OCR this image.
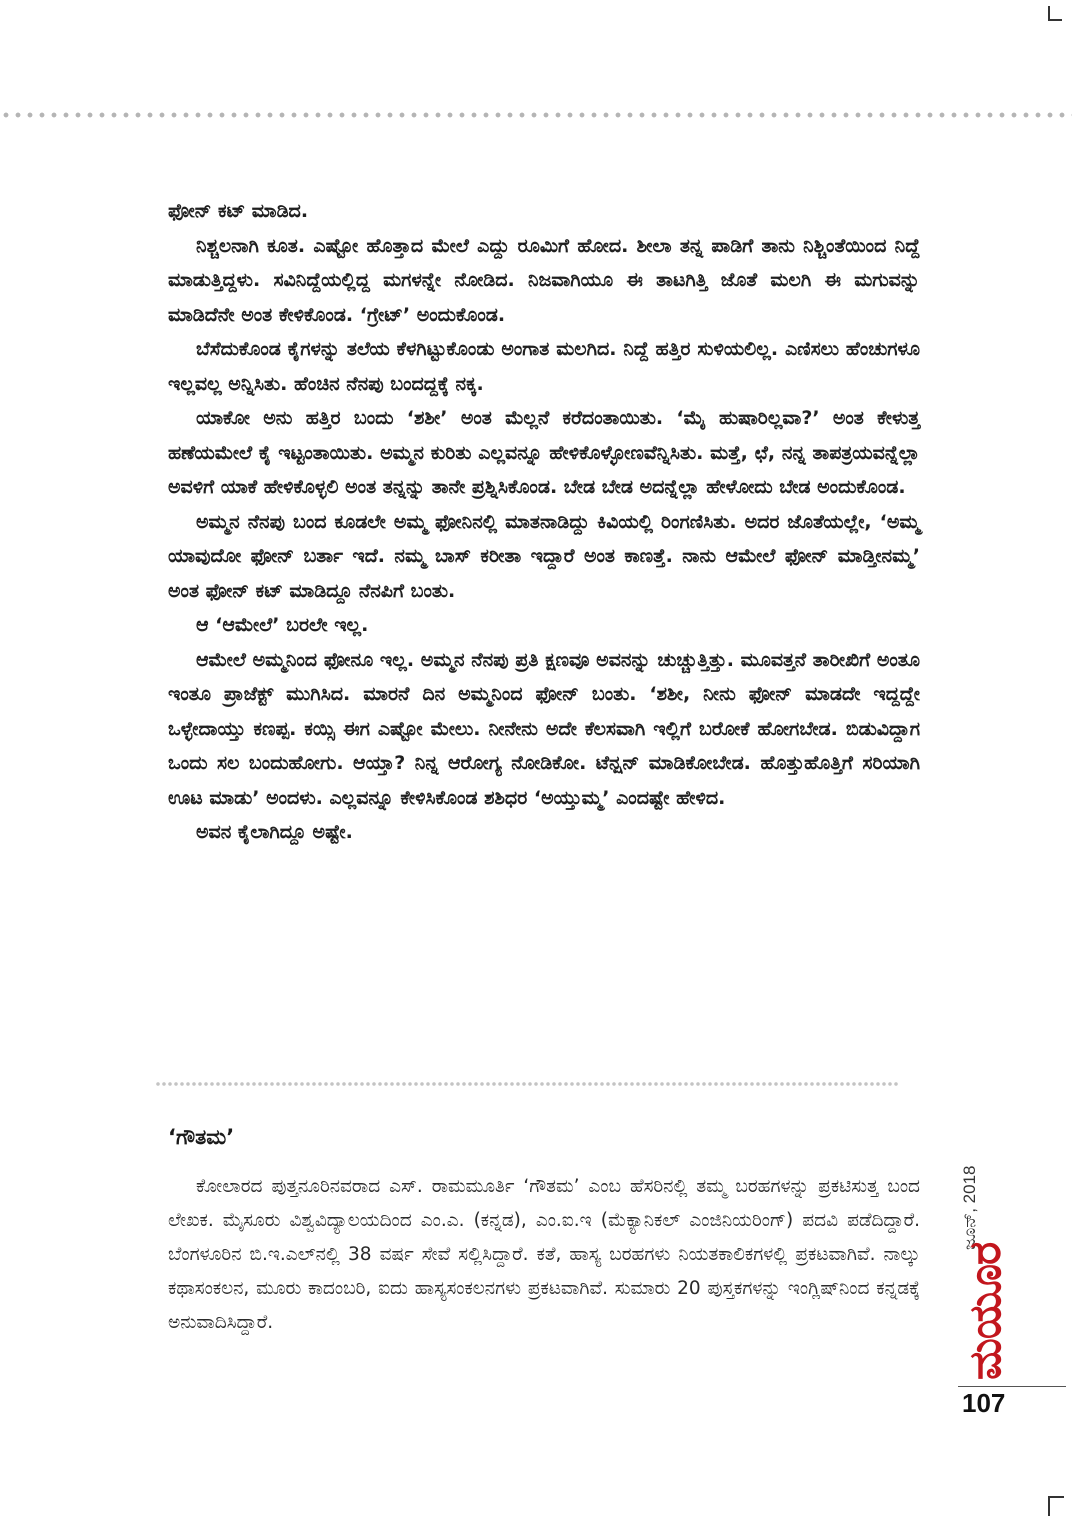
ಫೋನ್ ಕಟ್ ಮಾಡಿದ.

ನಿಶ್ಚಲನಾಗಿ ಕೂತ. ಎಷ್ಟೋ ಹೊತ್ತಾದ ಮೇಲೆ ಎದ್ದು ರೂಮಿಗೆ ಹೋದ. ಶೀಲಾ ತನ್ನ ಪಾಡಿಗೆ ತಾನು ನಿಶ್ಚಿಂತೆಯಿಂದ ನಿದ್ದೆ ಮಾಡುತ್ತಿದ್ದಳು. ಸವಿನಿದ್ದೆಯಲ್ಲಿದ್ದ ಮಗಳನ್ನೇ ನೋಡಿದ. ನಿಜವಾಗಿಯೂ ಈ ತಾಟಗಿತ್ತಿ ಜೊತೆ ಮಲಗಿ ಈ ಮಗುವನ್ನು ಮಾಡಿದೆನೇ ಅಂತ ಕೇಳಿಕೊಂಡ. ‘ಗ್ರೇಟ್’ ಅಂದುಕೊಂಡ.

ಬೆಸೆದುಕೊಂಡ ಕೈಗಳನ್ನು ತಲೆಯ ಕೆಳಗಿಟ್ಟುಕೊಂಡು ಅಂಗಾತ ಮಲಗಿದ. ನಿದ್ದೆ ಹತ್ತಿರ ಸುಳಿಯಲಿಲ್ಲ. ಎಣಿಸಲು ಹೆಂಚುಗಳೂ ಇಲ್ಲವಲ್ಲ ಅನ್ನಿಸಿತು. ಹೆಂಚಿನ ನೆನಪು ಬಂದದ್ದಕ್ಕೆ ನಕ್ಕ.

ಯಾಕೋ ಅನು ಹತ್ತಿರ ಬಂದು ‘ಶಶೀ’ ಅಂತ ಮೆಲ್ಲನೆ ಕರೆದಂತಾಯಿತು. ‘ಮೈ ಹುಷಾರಿಲ್ಲವಾ?’ ಅಂತ ಕೇಳುತ್ತ ಹಣೆಯಮೇಲೆ ಕೈ ಇಟ್ಟಂತಾಯಿತು. ಅಮ್ಮನ ಕುರಿತು ಎಲ್ಲವನ್ನೂ ಹೇಳಿಕೊಳ್ಳೋಣವೆನ್ನಿಸಿತು. ಮತ್ತೆ, ಛೆ, ನನ್ನ ತಾಪತ್ರಯವನ್ನೆಲ್ಲಾ ಅವಳಿಗೆ ಯಾಕೆ ಹೇಳಿಕೊಳ್ಳಲಿ ಅಂತ ತನ್ನನ್ನು ತಾನೇ ಪ್ರಶ್ನಿಸಿಕೊಂಡ. ಬೇಡ ಬೇಡ ಅದನ್ನೆಲ್ಲಾ ಹೇಳೋದು ಬೇಡ ಅಂದುಕೊಂಡ.

ಅಮ್ಮನ ನೆನಪು ಬಂದ ಕೂಡಲೇ ಅಮ್ಮ ಫೋನಿನಲ್ಲಿ ಮಾತನಾಡಿದ್ದು ಕಿವಿಯಲ್ಲಿ ರಿಂಗಣಿಸಿತು. ಅದರ ಜೊತೆಯಲ್ಲೇ, ‘ಅಮ್ಮ ಯಾವುದೋ ಫೋನ್ ಬರ್ತಾ ಇದೆ. ನಮ್ಮ ಬಾಸ್ ಕರೀತಾ ಇದ್ದಾರೆ ಅಂತ ಕಾಣತ್ತೆ. ನಾನು ಆಮೇಲೆ ಫೋನ್ ಮಾಡ್ತೀನಮ್ಮ’ ಅಂತ ಫೋನ್ ಕಟ್ ಮಾಡಿದ್ದೂ ನೆನಪಿಗೆ ಬಂತು.

ಆ ‘ಆಮೇಲೆ’ ಬರಲೇ ಇಲ್ಲ.

ಆಮೇಲೆ ಅಮ್ಮನಿಂದ ಫೋನೂ ಇಲ್ಲ. ಅಮ್ಮನ ನೆನಪು ಪ್ರತಿ ಕ್ಷಣವೂ ಅವನನ್ನು ಚುಚ್ಚುತ್ತಿತ್ತು. ಮೂವತ್ತನೆ ತಾರೀಖಿಗೆ ಅಂತೂ ಇಂತೂ ಪ್ರಾಜೆಕ್ಟ್ ಮುಗಿಸಿದ. ಮಾರನೆ ದಿನ ಅಮ್ಮನಿಂದ ಫೋನ್ ಬಂತು. ‘ಶಶೀ, ನೀನು ಫೋನ್ ಮಾಡದೇ ಇದ್ದದ್ದೇ ಒಳ್ಳೇದಾಯ್ತು ಕಣಪ್ಪ. ಕಯ್ಸಿ ಈಗ ಎಷ್ಟೋ ಮೇಲು. ನೀನೇನು ಅದೇ ಕೆಲಸವಾಗಿ ಇಲ್ಲಿಗೆ ಬರೋಕೆ ಹೋಗಬೇಡ. ಬಿಡುವಿದ್ದಾಗ ಒಂದು ಸಲ ಬಂದುಹೋಗು. ಆಯ್ತಾ? ನಿನ್ನ ಆರೋಗ್ಯ ನೋಡಿಕೋ. ಟೆನ್ಷನ್ ಮಾಡಿಕೋಬೇಡ. ಹೊತ್ತುಹೊತ್ತಿಗೆ ಸರಿಯಾಗಿ ಊಟ ಮಾಡು’ ಅಂದಳು. ಎಲ್ಲವನ್ನೂ ಕೇಳಿಸಿಕೊಂಡ ಶಶಿಧರ ‘ಅಯ್ತುಮ್ಮ’ ಎಂದಷ್ಟೇ ಹೇಳಿದ.

ಅವನ ಕೈಲಾಗಿದ್ದೂ ಅಷ್ಟೇ.

‘ಗೌತಮ’

ಕೋಲಾರದ ಪುತ್ತನೂರಿನವರಾದ ಎಸ್. ರಾಮಮೂರ್ತಿ ‘ಗೌತಮ’ ಎಂಬ ಹೆಸರಿನಲ್ಲಿ ತಮ್ಮ ಬರಹಗಳನ್ನು ಪ್ರಕಟಿಸುತ್ತ ಬಂದ ಲೇಖಕ. ಮೈಸೂರು ವಿಶ್ವವಿದ್ಯಾಲಯದಿಂದ ಎಂ.ಎ. (ಕನ್ನಡ), ಎಂ.ಐ.ಇ (ಮೆಕ್ಯಾನಿಕಲ್ ಎಂಜಿನಿಯರಿಂಗ್) ಪದವಿ ಪಡೆದಿದ್ದಾರೆ. ಬೆಂಗಳೂರಿನ ಬಿ.ಇ.ಎಲ್‌ನಲ್ಲಿ 38 ವರ್ಷ ಸೇವೆ ಸಲ್ಲಿಸಿದ್ದಾರೆ. ಕತೆ, ಹಾಸ್ಯ ಬರಹಗಳು ನಿಯತಕಾಲಿಕಗಳಲ್ಲಿ ಪ್ರಕಟವಾಗಿವೆ. ನಾಲ್ಕು ಕಥಾಸಂಕಲನ, ಮೂರು ಕಾದಂಬರಿ, ಐದು ಹಾಸ್ಯಸಂಕಲನಗಳು ಪ್ರಕಟವಾಗಿವೆ. ಸುಮಾರು 20 ಪುಸ್ತಕಗಳನ್ನು ಇಂಗ್ಲಿಷ್‌ನಿಂದ ಕನ್ನಡಕ್ಕೆ ಅನುವಾದಿಸಿದ್ದಾರೆ.

ಜೂನ್, 2018
ಮಯೂರ
107
